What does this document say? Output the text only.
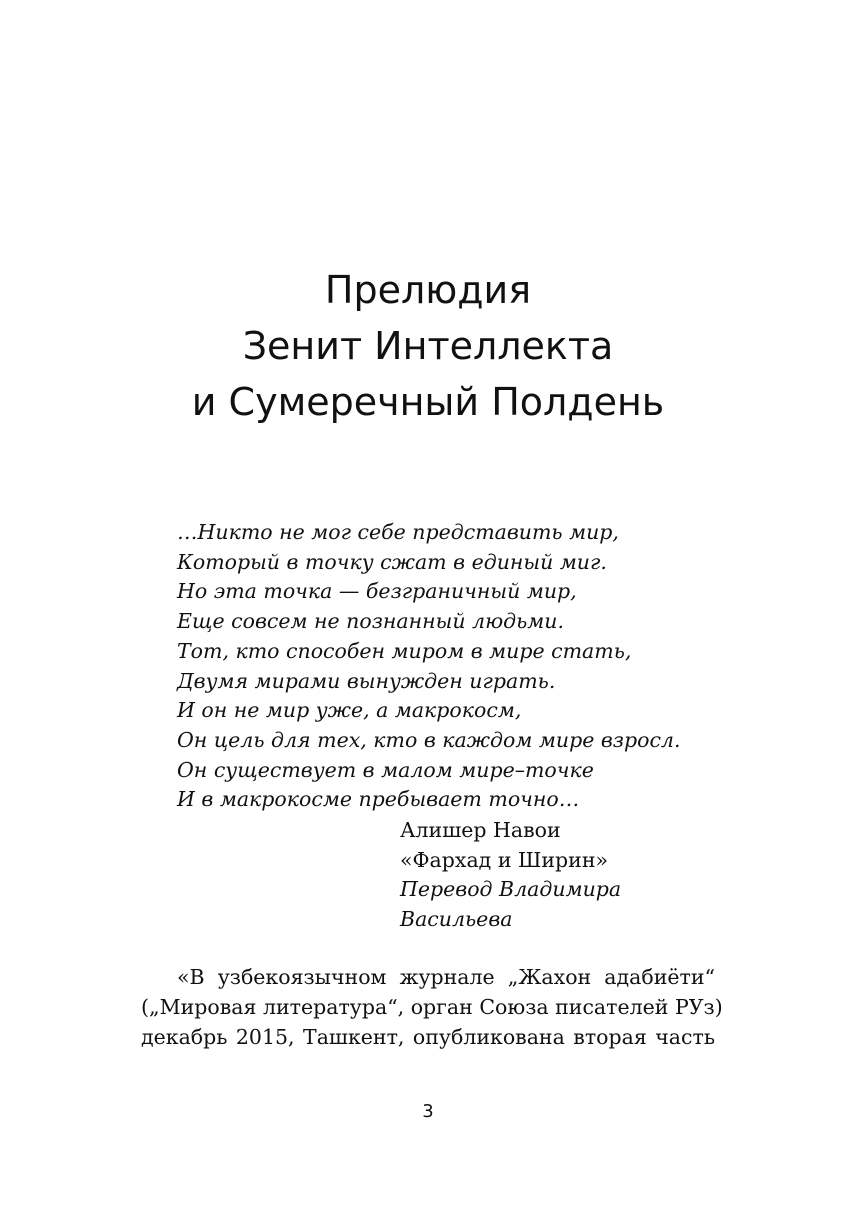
Прелюдия
Зенит Интеллекта
и Сумеречный Полдень
…Никто не мог себе представить мир,
Который в точку сжат в единый миг.
Но эта точка — безграничный мир,
Еще совсем не познанный людьми.
Тот, кто способен миром в мире стать,
Двумя мирами вынужден играть.
И он не мир уже, а макрокосм,
Он цель для тех, кто в каждом мире взросл.
Он существует в малом мире–точке
И в макрокосме пребывает точно…
Алишер Навои
«Фархад и Ширин»
Перевод Владимира
Васильева
«В узбекоязычном журнале „Жахон адабиёти“
(„Мировая литература“, орган Союза писателей РУз)
декабрь 2015, Ташкент, опубликована вторая часть
3
